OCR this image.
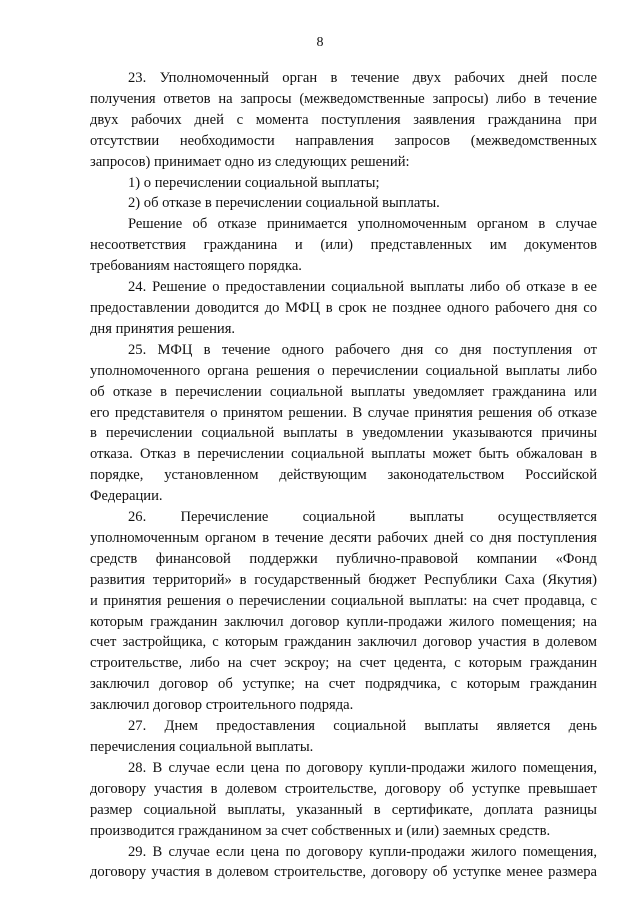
8
23. Уполномоченный орган в течение двух рабочих дней после
получения ответов на запросы (межведомственные запросы) либо в течение
двух рабочих дней с момента поступления заявления гражданина при
отсутствии необходимости направления запросов (межведомственных
запросов) принимает одно из следующих решений:
1) о перечислении социальной выплаты;
2) об отказе в перечислении социальной выплаты.
Решение об отказе принимается уполномоченным органом в случае
несоответствия гражданина и (или) представленных им документов
требованиям настоящего порядка.
24. Решение о предоставлении социальной выплаты либо об отказе в ее
предоставлении доводится до МФЦ в срок не позднее одного рабочего дня со
дня принятия решения.
25. МФЦ в течение одного рабочего дня со дня поступления от
уполномоченного органа решения о перечислении социальной выплаты либо
об отказе в перечислении социальной выплаты уведомляет гражданина или
его представителя о принятом решении. В случае принятия решения об отказе
в перечислении социальной выплаты в уведомлении указываются причины
отказа. Отказ в перечислении социальной выплаты может быть обжалован в
порядке, установленном действующим законодательством Российской
Федерации.
26. Перечисление социальной выплаты осуществляется
уполномоченным органом в течение десяти рабочих дней со дня поступления
средств финансовой поддержки публично-правовой компании «Фонд
развития территорий» в государственный бюджет Республики Саха (Якутия)
и принятия решения о перечислении социальной выплаты: на счет продавца, с
которым гражданин заключил договор купли-продажи жилого помещения; на
счет застройщика, с которым гражданин заключил договор участия в долевом
строительстве, либо на счет эскроу; на счет цедента, с которым гражданин
заключил договор об уступке; на счет подрядчика, с которым гражданин
заключил договор строительного подряда.
27. Днем предоставления социальной выплаты является день
перечисления социальной выплаты.
28. В случае если цена по договору купли-продажи жилого помещения,
договору участия в долевом строительстве, договору об уступке превышает
размер социальной выплаты, указанный в сертификате, доплата разницы
производится гражданином за счет собственных и (или) заемных средств.
29. В случае если цена по договору купли-продажи жилого помещения,
договору участия в долевом строительстве, договору об уступке менее размера
